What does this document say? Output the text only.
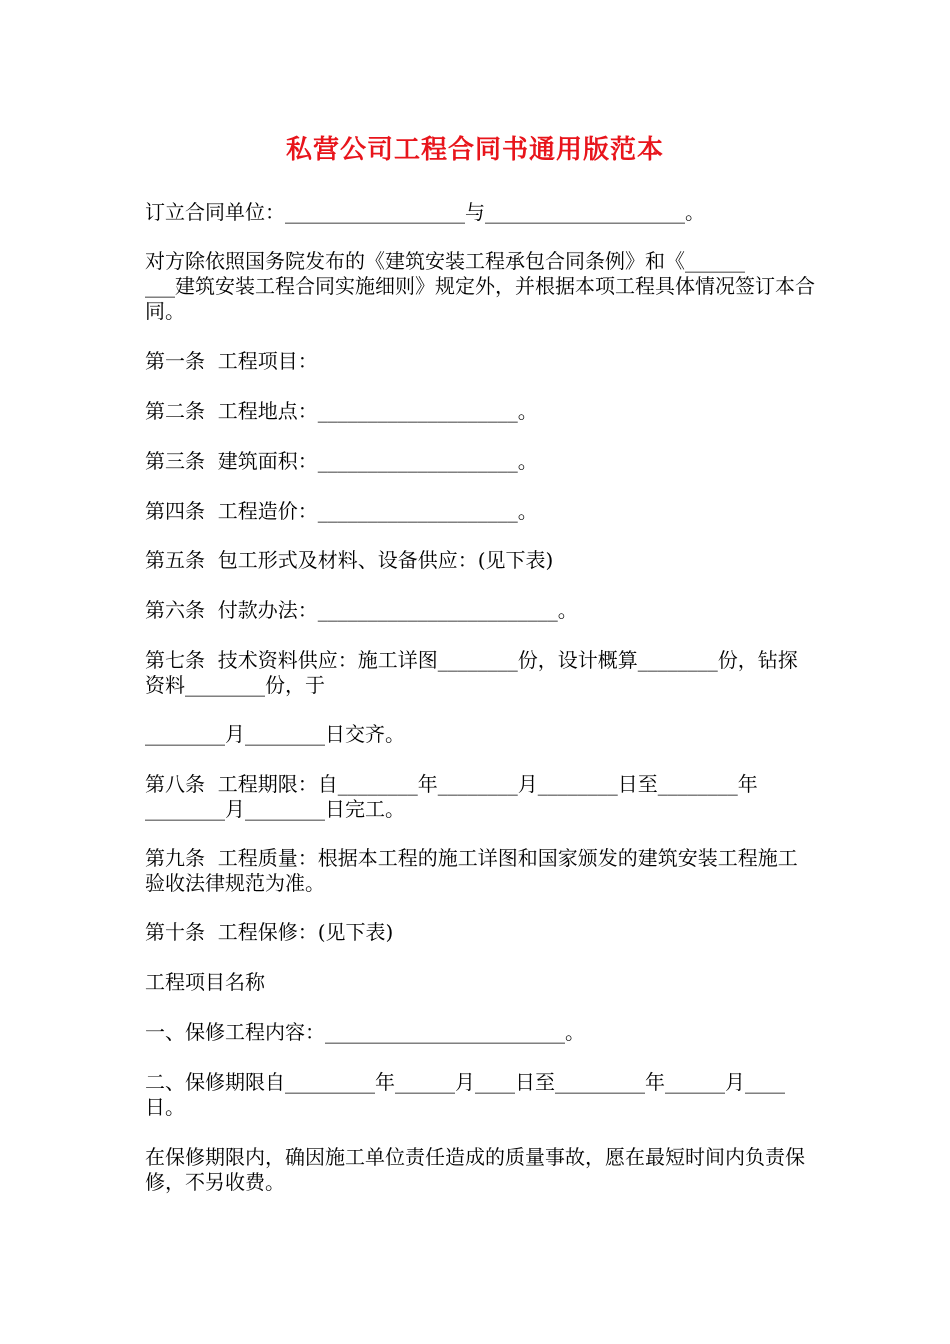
私营公司工程合同书通用版范本
订立合同单位：__________________与____________________。
对方除依照国务院发布的《建筑安装工程承包合同条例》和《______
___建筑安装工程合同实施细则》规定外，并根据本项工程具体情况签订本合同。
第一条  工程项目：
第二条  工程地点：____________________。
第三条  建筑面积：____________________。
第四条  工程造价：____________________。
第五条  包工形式及材料、设备供应：(见下表)
第六条  付款办法：________________________。
第七条  技术资料供应：施工详图________份，设计概算________份，钻探资料________份，于
________月________日交齐。
第八条  工程期限：自________年________月________日至________年________月________日完工。
第九条  工程质量：根据本工程的施工详图和国家颁发的建筑安装工程施工验收法律规范为准。
第十条  工程保修：(见下表)
工程项目名称
一、保修工程内容：________________________。
二、保修期限自_________年______月____日至_________年______月____日。
在保修期限内，确因施工单位责任造成的质量事故，愿在最短时间内负责保修，不另收费。
